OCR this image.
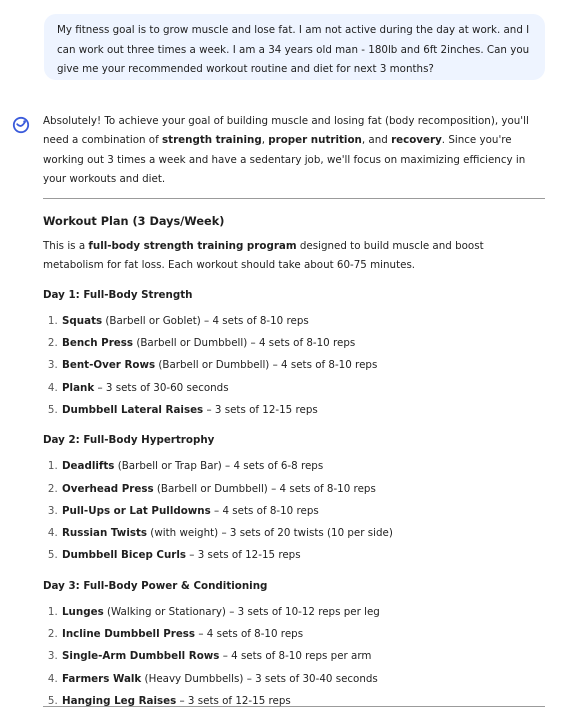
My fitness goal is to grow muscle and lose fat. I am not active during the day at work. and I can work out three times a week. I am a 34 years old man - 180lb and 6ft 2inches. Can you give me your recommended workout routine and diet for next 3 months?

Absolutely! To achieve your goal of building muscle and losing fat (body recomposition), you'll need a combination of strength training, proper nutrition, and recovery. Since you're working out 3 times a week and have a sedentary job, we'll focus on maximizing efficiency in your workouts and diet.

Workout Plan (3 Days/Week)

This is a full-body strength training program designed to build muscle and boost metabolism for fat loss. Each workout should take about 60-75 minutes.

Day 1: Full-Body Strength
1. Squats (Barbell or Goblet) – 4 sets of 8-10 reps
2. Bench Press (Barbell or Dumbbell) – 4 sets of 8-10 reps
3. Bent-Over Rows (Barbell or Dumbbell) – 4 sets of 8-10 reps
4. Plank – 3 sets of 30-60 seconds
5. Dumbbell Lateral Raises – 3 sets of 12-15 reps
Day 2: Full-Body Hypertrophy
1. Deadlifts (Barbell or Trap Bar) – 4 sets of 6-8 reps
2. Overhead Press (Barbell or Dumbbell) – 4 sets of 8-10 reps
3. Pull-Ups or Lat Pulldowns – 4 sets of 8-10 reps
4. Russian Twists (with weight) – 3 sets of 20 twists (10 per side)
5. Dumbbell Bicep Curls – 3 sets of 12-15 reps
Day 3: Full-Body Power & Conditioning
1. Lunges (Walking or Stationary) – 3 sets of 10-12 reps per leg
2. Incline Dumbbell Press – 4 sets of 8-10 reps
3. Single-Arm Dumbbell Rows – 4 sets of 8-10 reps per arm
4. Farmers Walk (Heavy Dumbbells) – 3 sets of 30-40 seconds
5. Hanging Leg Raises – 3 sets of 12-15 reps
